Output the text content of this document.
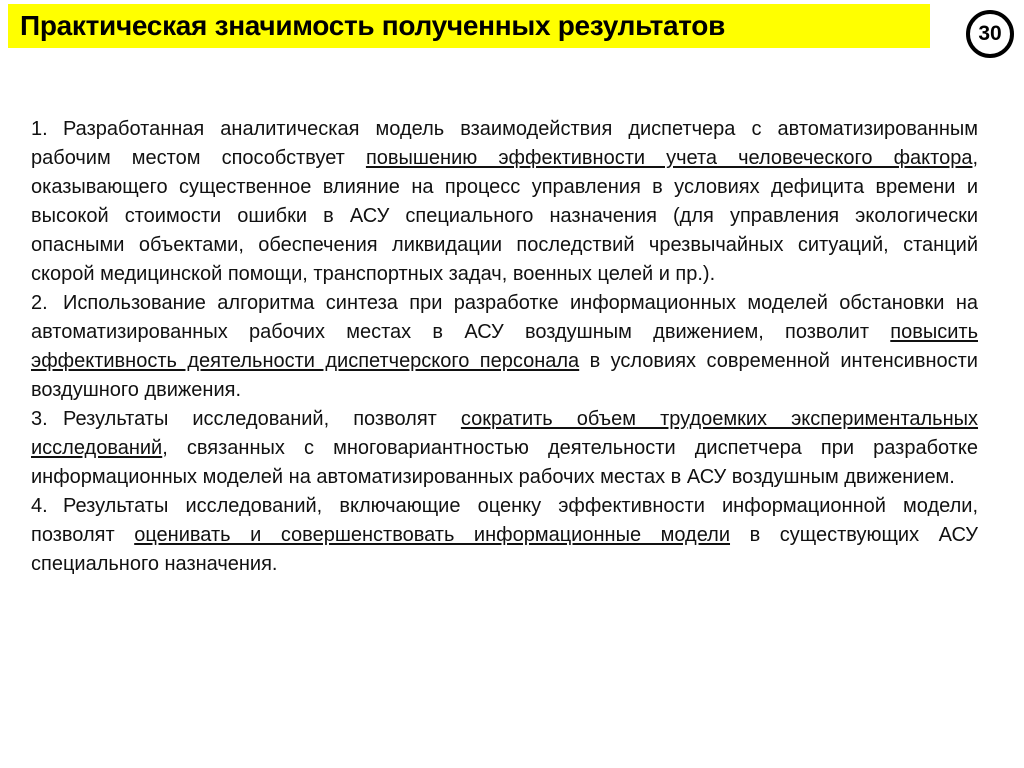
Практическая значимость полученных результатов	30

1. Разработанная аналитическая модель взаимодействия диспетчера с автоматизированным рабочим местом способствует повышению эффективности учета человеческого фактора, оказывающего существенное влияние на процесс управления в условиях дефицита времени и высокой стоимости ошибки в АСУ специального назначения (для управления экологически опасными объектами, обеспечения ликвидации последствий чрезвычайных ситуаций, станций скорой медицинской помощи, транспортных задач, военных целей и пр.).

2. Использование алгоритма синтеза при разработке информационных моделей обстановки на автоматизированных рабочих местах в АСУ воздушным движением, позволит повысить эффективность деятельности диспетчерского персонала в условиях современной интенсивности воздушного движения.

3. Результаты исследований, позволят сократить объем трудоемких экспериментальных исследований, связанных с многовариантностью деятельности диспетчера при разработке информационных моделей на автоматизированных рабочих местах в АСУ воздушным движением.

4. Результаты исследований, включающие оценку эффективности информационной модели, позволят оценивать и совершенствовать информационные модели в существующих АСУ специального назначения.
